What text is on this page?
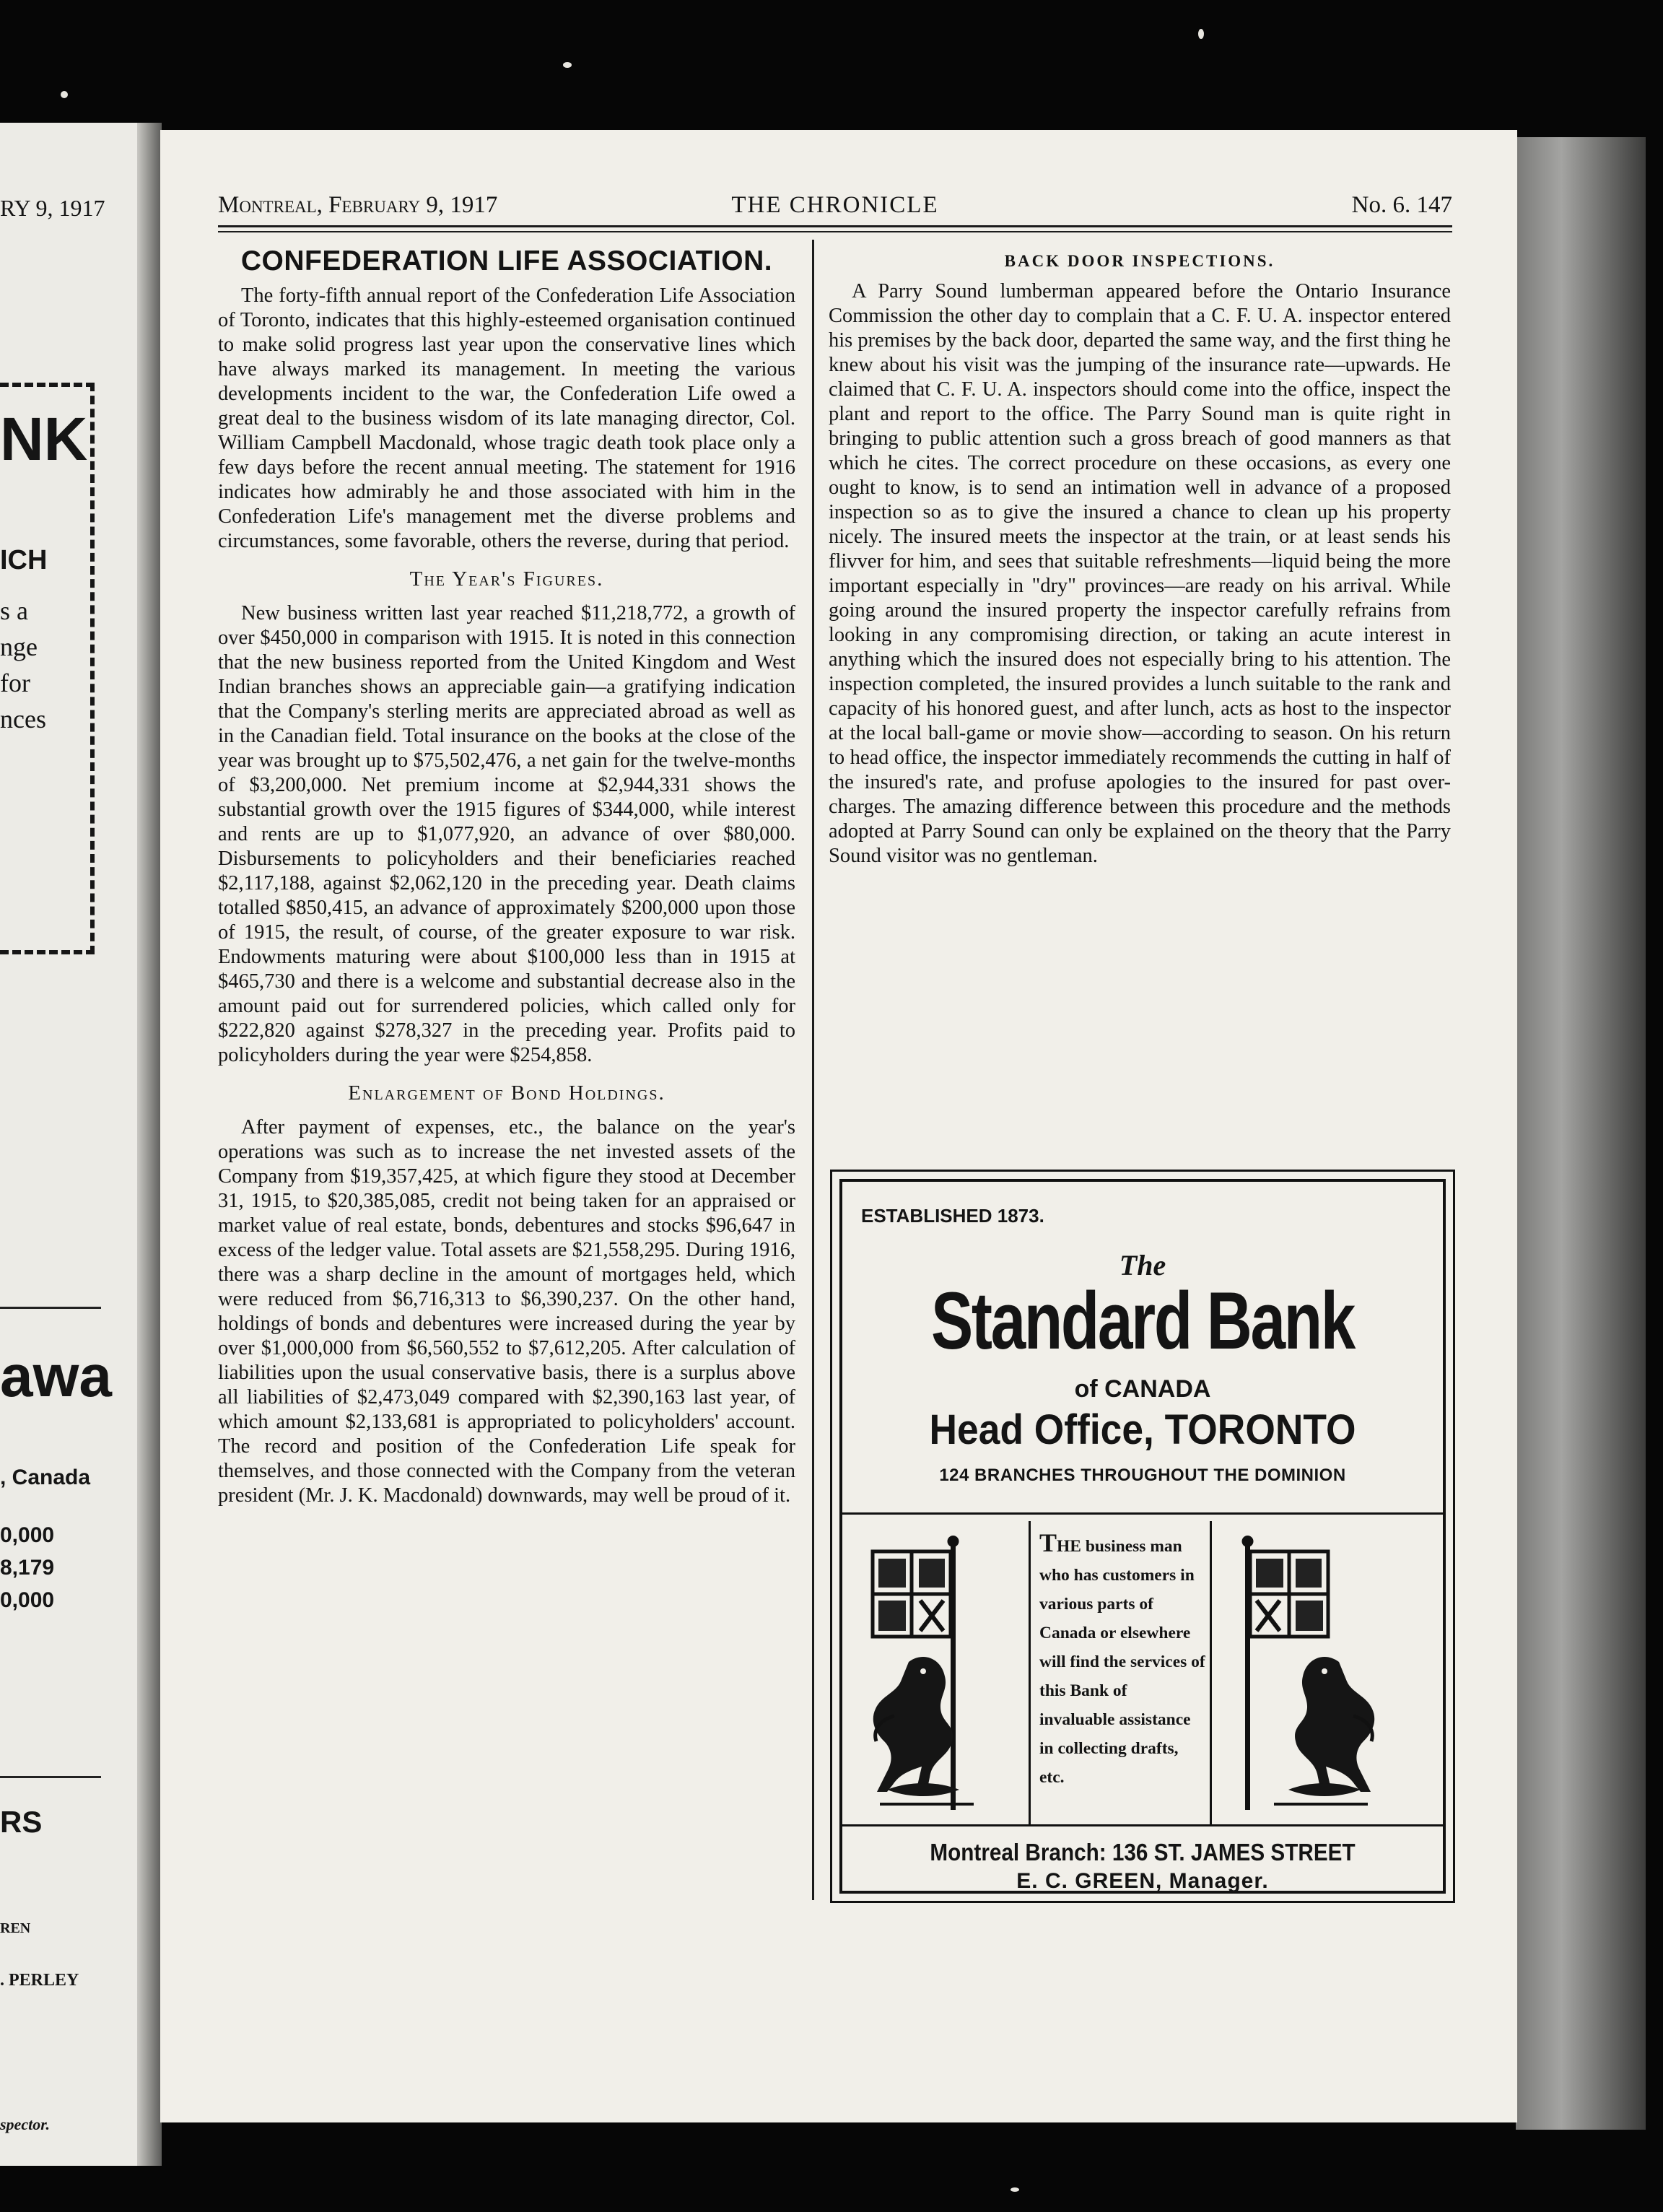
RY 9, 1917
NK
ICH
s a
nge
for
nces
awa
, Canada
0,000
8,179
0,000
RS
REN
. PERLEY
spector.
Montreal, February 9, 1917	THE CHRONICLE	No. 6. 147
CONFEDERATION LIFE ASSOCIATION.

The forty-fifth annual report of the Confederation Life Association of Toronto, indicates that this highly-esteemed organisation continued to make solid progress last year upon the conservative lines which have always marked its management. In meeting the various developments incident to the war, the Confederation Life owed a great deal to the business wisdom of its late managing director, Col. William Campbell Macdonald, whose tragic death took place only a few days before the recent annual meeting. The statement for 1916 indicates how admirably he and those associated with him in the Confederation Life's management met the diverse problems and circumstances, some favorable, others the reverse, during that period.

The Year's Figures.

New business written last year reached $11,218,772, a growth of over $450,000 in comparison with 1915. It is noted in this connection that the new business reported from the United Kingdom and West Indian branches shows an appreciable gain—a gratifying indication that the Company's sterling merits are appreciated abroad as well as in the Canadian field. Total insurance on the books at the close of the year was brought up to $75,502,476, a net gain for the twelve-months of $3,200,000. Net premium income at $2,944,331 shows the substantial growth over the 1915 figures of $344,000, while interest and rents are up to $1,077,920, an advance of over $80,000. Disbursements to policyholders and their beneficiaries reached $2,117,188, against $2,062,120 in the preceding year. Death claims totalled $850,415, an advance of approximately $200,000 upon those of 1915, the result, of course, of the greater exposure to war risk. Endowments maturing were about $100,000 less than in 1915 at $465,730 and there is a welcome and substantial decrease also in the amount paid out for surrendered policies, which called only for $222,820 against $278,327 in the preceding year. Profits paid to policyholders during the year were $254,858.

Enlargement of Bond Holdings.

After payment of expenses, etc., the balance on the year's operations was such as to increase the net invested assets of the Company from $19,357,425, at which figure they stood at December 31, 1915, to $20,385,085, credit not being taken for an appraised or market value of real estate, bonds, debentures and stocks $96,647 in excess of the ledger value. Total assets are $21,558,295. During 1916, there was a sharp decline in the amount of mortgages held, which were reduced from $6,716,313 to $6,390,237. On the other hand, holdings of bonds and debentures were increased during the year by over $1,000,000 from $6,560,552 to $7,612,205. After calculation of liabilities upon the usual conservative basis, there is a surplus above all liabilities of $2,473,049 compared with $2,390,163 last year, of which amount $2,133,681 is appropriated to policyholders' account. The record and position of the Confederation Life speak for themselves, and those connected with the Company from the veteran president (Mr. J. K. Macdonald) downwards, may well be proud of it.

BACK DOOR INSPECTIONS.

A Parry Sound lumberman appeared before the Ontario Insurance Commission the other day to complain that a C. F. U. A. inspector entered his premises by the back door, departed the same way, and the first thing he knew about his visit was the jumping of the insurance rate—upwards. He claimed that C. F. U. A. inspectors should come into the office, inspect the plant and report to the office. The Parry Sound man is quite right in bringing to public attention such a gross breach of good manners as that which he cites. The correct procedure on these occasions, as every one ought to know, is to send an intimation well in advance of a proposed inspection so as to give the insured a chance to clean up his property nicely. The insured meets the inspector at the train, or at least sends his flivver for him, and sees that suitable refreshments—liquid being the more important especially in "dry" provinces—are ready on his arrival. While going around the insured property the inspector carefully refrains from looking in any compromising direction, or taking an acute interest in anything which the insured does not especially bring to his attention. The inspection completed, the insured provides a lunch suitable to the rank and capacity of his honored guest, and after lunch, acts as host to the inspector at the local ball-game or movie show—according to season. On his return to head office, the inspector immediately recommends the cutting in half of the insured's rate, and profuse apologies to the insured for past over-charges. The amazing difference between this procedure and the methods adopted at Parry Sound can only be explained on the theory that the Parry Sound visitor was no gentleman.

ESTABLISHED 1873.
The
Standard Bank
of CANADA
Head Office, TORONTO
124 BRANCHES THROUGHOUT THE DOMINION
THE business man who has customers in various parts of Canada or elsewhere will find the services of this Bank of invaluable assistance in collecting drafts, etc.
Montreal Branch: 136 ST. JAMES STREET
E. C. GREEN, Manager.
